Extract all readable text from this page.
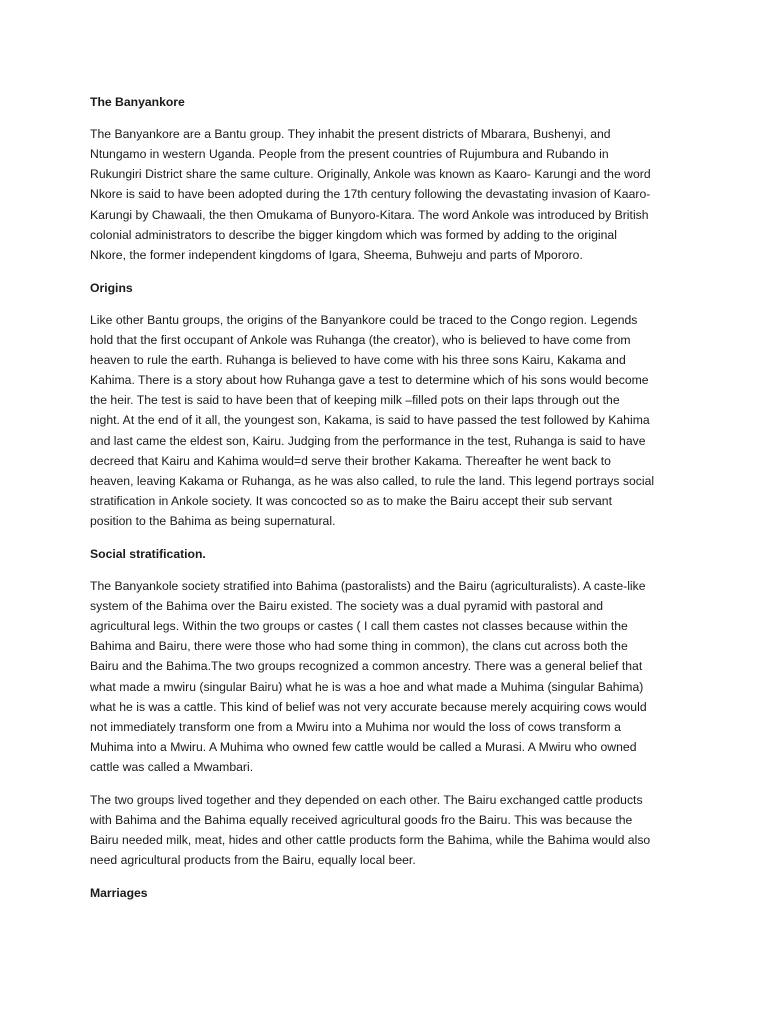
The Banyankore
The Banyankore are a Bantu group. They inhabit the present districts of Mbarara, Bushenyi, and
Ntungamo in western Uganda. People from the present countries of Rujumbura and Rubando in
Rukungiri District share the same culture. Originally, Ankole was known as Kaaro- Karungi and the word
Nkore is said to have been adopted during the 17th century following the devastating invasion of Kaaro-
Karungi by Chawaali, the then Omukama of Bunyoro-Kitara. The word Ankole was introduced by British
colonial administrators to describe the bigger kingdom which was formed by adding to the original
Nkore, the former independent kingdoms of Igara, Sheema, Buhweju and parts of Mpororo.
Origins
Like other Bantu groups, the origins of the Banyankore could be traced to the Congo region. Legends
hold that the first occupant of Ankole was Ruhanga (the creator), who is believed to have come from
heaven to rule the earth. Ruhanga is believed to have come with his three sons Kairu, Kakama and
Kahima. There is a story about how Ruhanga gave a test to determine which of his sons would become
the heir. The test is said to have been that of keeping milk –filled pots on their laps through out the
night. At the end of it all, the youngest son, Kakama, is said to have passed the test followed by Kahima
and last came the eldest son, Kairu. Judging from the performance in the test, Ruhanga is said to have
decreed that Kairu and Kahima would=d serve their brother Kakama. Thereafter he went back to
heaven, leaving Kakama or Ruhanga, as he was also called, to rule the land. This legend portrays social
stratification in Ankole society. It was concocted so as to make the Bairu accept their sub servant
position to the Bahima as being supernatural.
Social stratification.
The Banyankole society stratified into Bahima (pastoralists) and the Bairu (agriculturalists). A caste-like
system of the Bahima over the Bairu existed. The society was a dual pyramid with pastoral and
agricultural legs. Within the two groups or castes ( I call them castes not classes because within the
Bahima and Bairu, there were those who had some thing in common), the clans cut across both the
Bairu and the Bahima.The two groups recognized a common ancestry. There was a general belief that
what made a mwiru (singular Bairu) what he is was a hoe and what made a Muhima (singular Bahima)
what he is was a cattle. This kind of belief was not very accurate because merely acquiring cows would
not immediately transform one from a Mwiru into a Muhima nor would the loss of cows transform a
Muhima into a Mwiru. A Muhima who owned few cattle would be called a Murasi. A Mwiru who owned
cattle was called a Mwambari.
The two groups lived together and they depended on each other. The Bairu exchanged cattle products
with Bahima and the Bahima equally received agricultural goods fro the Bairu. This was because the
Bairu needed milk, meat, hides and other cattle products form the Bahima, while the Bahima would also
need agricultural products from the Bairu, equally local beer.
Marriages
